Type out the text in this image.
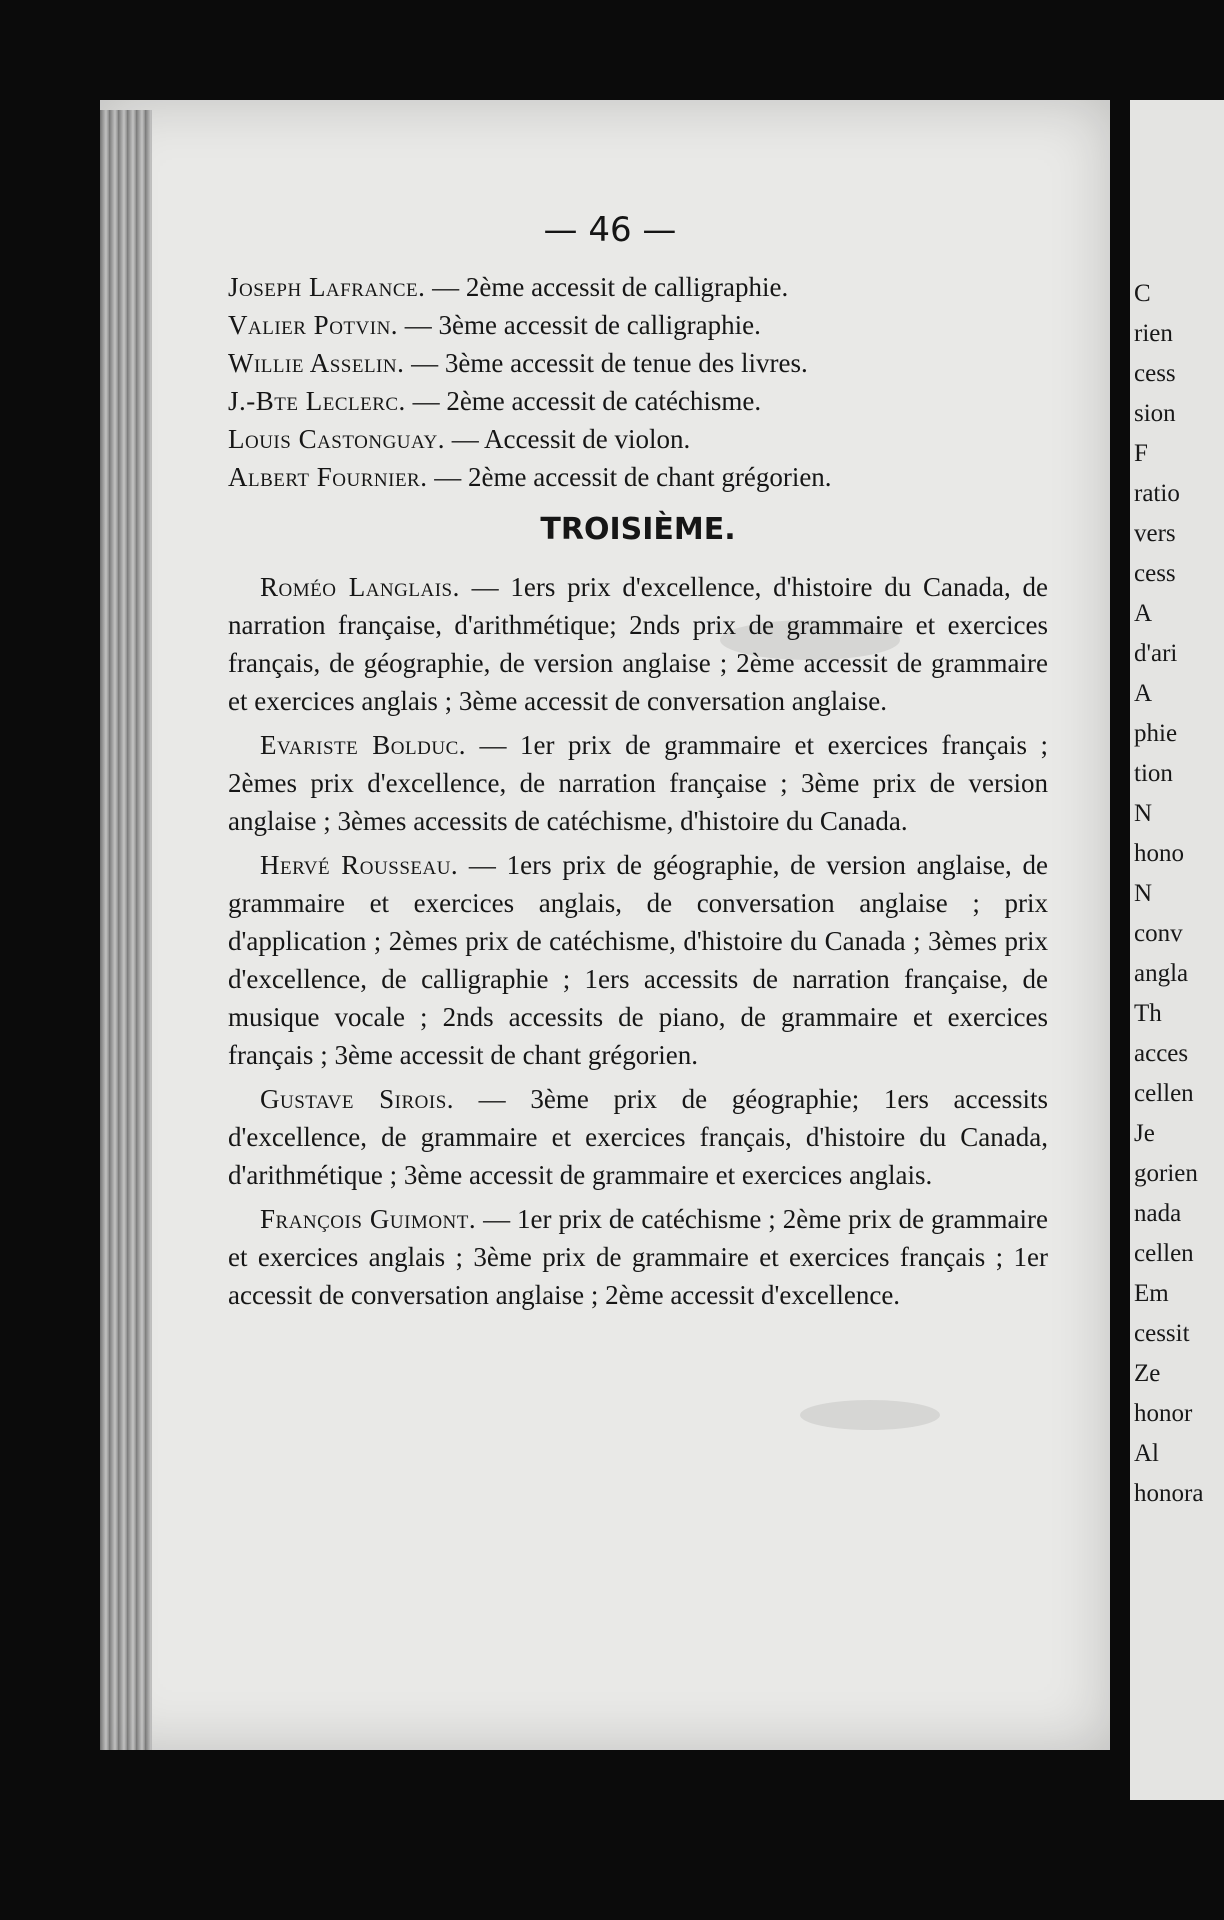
— 46 —

Joseph Lafrance. — 2ème accessit de calligraphie.

Valier Potvin. — 3ème accessit de calligraphie.

Willie Asselin. — 3ème accessit de tenue des livres.

J.-Bte Leclerc. — 2ème accessit de catéchisme.

Louis Castonguay. — Accessit de violon.

Albert Fournier. — 2ème accessit de chant grégorien.

TROISIÈME.

Roméo Langlais. — 1ers prix d'excellence, d'histoire du Canada, de narration française, d'arithmétique; 2nds prix de grammaire et exercices français, de géographie, de version anglaise ; 2ème accessit de grammaire et exercices anglais ; 3ème accessit de conversation anglaise.

Evariste Bolduc. — 1er prix de grammaire et exercices français ; 2èmes prix d'excellence, de narration française ; 3ème prix de version anglaise ; 3èmes accessits de catéchisme, d'histoire du Canada.

Hervé Rousseau. — 1ers prix de géographie, de version anglaise, de grammaire et exercices anglais, de conversation anglaise ; prix d'application ; 2èmes prix de catéchisme, d'histoire du Canada ; 3èmes prix d'excellence, de calligraphie ; 1ers accessits de narration française, de musique vocale ; 2nds accessits de piano, de grammaire et exercices français ; 3ème accessit de chant grégorien.

Gustave Sirois. — 3ème prix de géographie; 1ers accessits d'excellence, de grammaire et exercices français, d'histoire du Canada, d'arithmétique ; 3ème accessit de grammaire et exercices anglais.

François Guimont. — 1er prix de catéchisme ; 2ème prix de grammaire et exercices anglais ; 3ème prix de grammaire et exercices français ; 1er accessit de conversation anglaise ; 2ème accessit d'excellence.

C
rien
cess
sion
F
ratio
vers
cess
A
d'ari
A
phie
tion
N
hono
N
conv
angla
Th
acces
cellen
Je
gorien
nada
cellen
Em
cessit
Ze
honor
Al
honora
